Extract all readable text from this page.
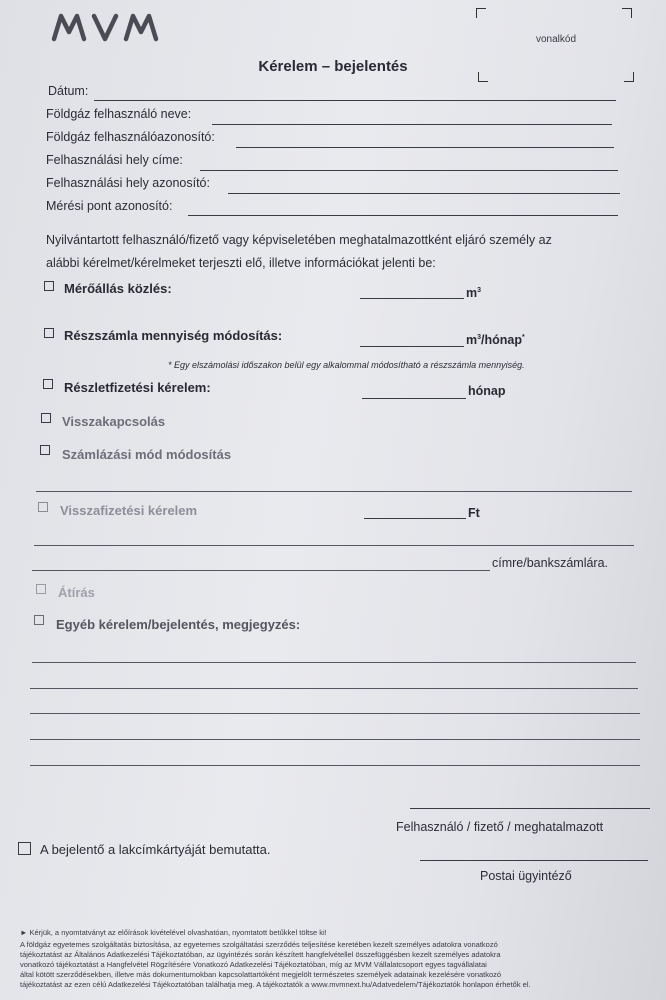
vonalkód
Kérelem – bejelentés
Dátum:
Földgáz felhasználó neve:
Földgáz felhasználóazonosító:
Felhasználási hely címe:
Felhasználási hely azonosító:
Mérési pont azonosító:
Nyilvántartott felhasználó/fizető vagy képviseletében meghatalmazottként eljáró személy az
alábbi kérelmet/kérelmeket terjeszti elő, illetve információkat jelenti be:
Mérőállás közlés:	$m^3$
Részszámla mennyiség módosítás:	$m^3/hónap^*$
* Egy elszámolási időszakon belül egy alkalommal módosítható a részszámla mennyiség.
Részletfizetési kérelem:	hónap
Visszakapcsolás
Számlázási mód módosítás
Visszafizetési kérelem	Ft
címre/bankszámlára.
Átírás
Egyéb kérelem/bejelentés, megjegyzés:
Felhasználó / fizető / meghatalmazott
A bejelentő a lakcímkártyáját bemutatta.
Postai ügyintéző
► Kérjük, a nyomtatványt az előírások kivételével olvashatóan, nyomtatott betűkkel töltse ki!
A földgáz egyetemes szolgáltatás biztosítása, az egyetemes szolgáltatási szerződés teljesítése keretében kezelt személyes adatokra vonatkozó
tájékoztatást az Általános Adatkezelési Tájékoztatóban, az ügyintézés során készített hangfelvétellel összefüggésben kezelt személyes adatokra
vonatkozó tájékoztatást a Hangfelvétel Rögzítésére Vonatkozó Adatkezelési Tájékoztatóban, míg az MVM Vállalatcsoport egyes tagvállalatai
által kötött szerződésekben, illetve más dokumentumokban kapcsolattartóként megjelölt természetes személyek adatainak kezelésére vonatkozó
tájékoztatást az ezen célú Adatkezelési Tájékoztatóban találhatja meg. A tájékoztatók a www.mvmnext.hu/Adatvedelem/Tájékoztatók honlapon érhetők el.
